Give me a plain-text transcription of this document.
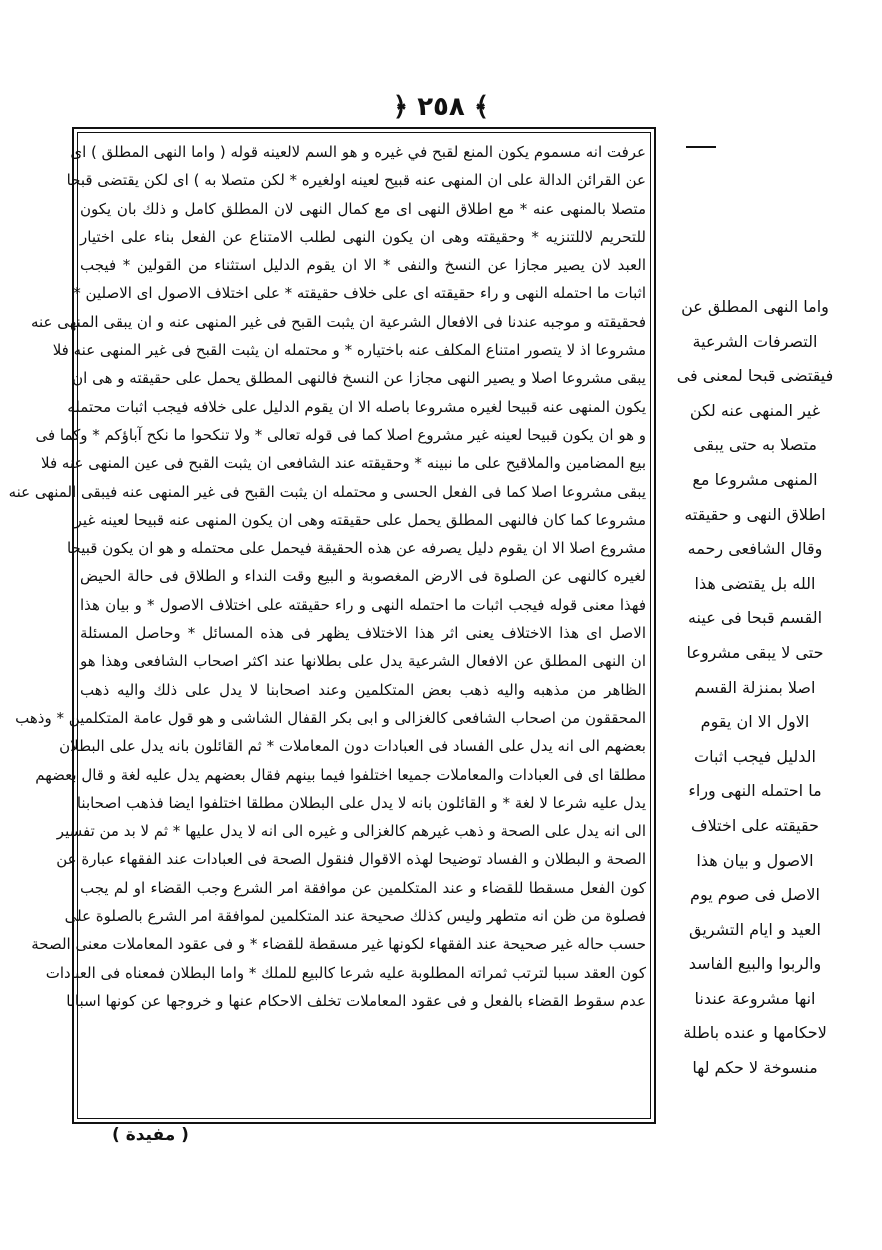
﴿ ٢٥٨ ﴾

عرفت انه مسموم يكون المنع لقبح في غيره و هو السم لالعينه قوله ( واما النهى المطلق ) اى

عن القرائن الدالة على ان المنهى عنه قبيح لعينه اولغيره * لكن متصلا به ) اى لكن يقتضى قبحا

متصلا بالمنهى عنه * مع اطلاق النهى اى مع كمال النهى لان المطلق كامل و ذلك بان يكون

للتحريم لاللتنزيه * وحقيقته وهى ان يكون النهى لطلب الامتناع عن الفعل بناء على اختيار

العبد لان يصير مجازا عن النسخ والنفى * الا ان يقوم الدليل استثناء من القولين * فيجب

اثبات ما احتمله النهى و راء حقيقته اى على خلاف حقيقته * على اختلاف الاصول اى الاصلين *

فحقيقته و موجبه عندنا فى الافعال الشرعية ان يثبت القبح فى غير المنهى عنه و ان يبقى المنهى عنه

مشروعا اذ لا يتصور امتناع المكلف عنه باختياره * و محتمله ان يثبت القبح فى غير المنهى عنه فلا

يبقى مشروعا اصلا و يصير النهى مجازا عن النسخ فالنهى المطلق يحمل على حقيقته و هى ان

يكون المنهى عنه قبيحا لغيره مشروعا باصله الا ان يقوم الدليل على خلافه فيجب اثبات محتمله

و هو ان يكون قبيحا لعينه غير مشروع اصلا كما فى قوله تعالى * ولا تنكحوا ما نكح آباؤكم * وكما فى

بيع المضامين والملاقيح على ما نبينه * وحقيقته عند الشافعى ان يثبت القبح فى عين المنهى عنه فلا

يبقى مشروعا اصلا كما فى الفعل الحسى و محتمله ان يثبت القبح فى غير المنهى عنه فيبقى المنهى عنه

مشروعا كما كان فالنهى المطلق يحمل على حقيقته وهى ان يكون المنهى عنه قبيحا لعينه غير

مشروع اصلا الا ان يقوم دليل يصرفه عن هذه الحقيقة فيحمل على محتمله و هو ان يكون قبيحا

لغيره كالنهى عن الصلوة فى الارض المغصوبة و البيع وقت النداء و الطلاق فى حالة الحيض

فهذا معنى قوله فيجب اثبات ما احتمله النهى و راء حقيقته على اختلاف الاصول * و بيان هذا

الاصل اى هذا الاختلاف يعنى اثر هذا الاختلاف يظهر فى هذه المسائل * وحاصل المسئلة

ان النهى المطلق عن الافعال الشرعية يدل على بطلانها عند اكثر اصحاب الشافعى وهذا هو

الظاهر من مذهبه واليه ذهب بعض المتكلمين وعند اصحابنا لا يدل على ذلك واليه ذهب

المحققون من اصحاب الشافعى كالغزالى و ابى بكر القفال الشاشى و هو قول عامة المتكلمين * وذهب

بعضهم الى انه يدل على الفساد فى العبادات دون المعاملات * ثم القائلون بانه يدل على البطلان

مطلقا اى فى العبادات والمعاملات جميعا اختلفوا فيما بينهم فقال بعضهم يدل عليه لغة و قال بعضهم

يدل عليه شرعا لا لغة * و القائلون بانه لا يدل على البطلان مطلقا اختلفوا ايضا فذهب اصحابنا

الى انه يدل على الصحة و ذهب غيرهم كالغزالى و غيره الى انه لا يدل عليها * ثم لا بد من تفسير

الصحة و البطلان و الفساد توضيحا لهذه الاقوال فنقول الصحة فى العبادات عند الفقهاء عبارة عن

كون الفعل مسقطا للقضاء و عند المتكلمين عن موافقة امر الشرع وجب القضاء او لم يجب

فصلوة من ظن انه متطهر وليس كذلك صحيحة عند المتكلمين لموافقة امر الشرع بالصلوة على

حسب حاله غير صحيحة عند الفقهاء لكونها غير مسقطة للقضاء * و فى عقود المعاملات معنى الصحة

كون العقد سببا لترتب ثمراته المطلوبة عليه شرعا كالبيع للملك * واما البطلان فمعناه فى العبادات

عدم سقوط القضاء بالفعل و فى عقود المعاملات تخلف الاحكام عنها و خروجها عن كونها اسبابا

واما النهى المطلق عن

التصرفات الشرعية

فيقتضى قبحا لمعنى فى

غير المنهى عنه لكن

متصلا به حتى يبقى

المنهى مشروعا مع

اطلاق النهى و حقيقته

وقال الشافعى رحمه

الله بل يقتضى هذا

القسم قبحا فى عينه

حتى لا يبقى مشروعا

اصلا بمنزلة القسم

الاول الا ان يقوم

الدليل فيجب اثبات

ما احتمله النهى وراء

حقيقته على اختلاف

الاصول و بيان هذا

الاصل فى صوم يوم

العيد و ايام التشريق

والربوا والبيع الفاسد

انها مشروعة عندنا

لاحكامها و عنده باطلة

منسوخة لا حكم لها

( مفيدة )
